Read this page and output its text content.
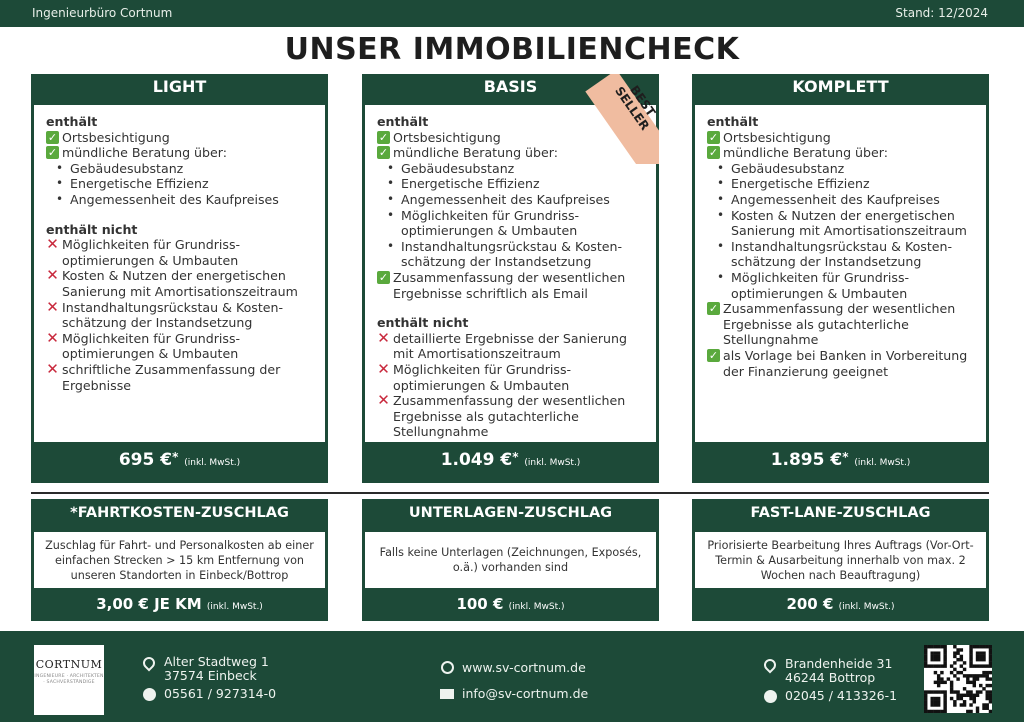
Ingenieurbüro Cortnum	Stand: 12/2024
UNSER IMMOBILIENCHECK
LIGHT
enthält
✓ Ortsbesichtigung
✓ mündliche Beratung über:
• Gebäudesubstanz
• Energetische Effizienz
• Angemessenheit des Kaufpreises
enthält nicht
✕ Möglichkeiten für Grundriss-optimierungen & Umbauten
✕ Kosten & Nutzen der energetischen Sanierung mit Amortisationszeitraum
✕ Instandhaltungsrückstau & Kosten-schätzung der Instandsetzung
✕ Möglichkeiten für Grundriss-optimierungen & Umbauten
✕ schriftliche Zusammenfassung der Ergebnisse
695 €* (inkl. MwSt.)
BASIS
enthält
✓ Ortsbesichtigung
✓ mündliche Beratung über:
• Gebäudesubstanz
• Energetische Effizienz
• Angemessenheit des Kaufpreises
• Möglichkeiten für Grundriss-optimierungen & Umbauten
• Instandhaltungsrückstau & Kosten-schätzung der Instandsetzung
✓ Zusammenfassung der wesentlichen Ergebnisse schriftlich als Email
enthält nicht
✕ detaillierte Ergebnisse der Sanierung mit Amortisationszeitraum
✕ Möglichkeiten für Grundriss-optimierungen & Umbauten
✕ Zusammenfassung der wesentlichen Ergebnisse als gutachterliche Stellungnahme
1.049 €* (inkl. MwSt.)
BEST SELLER	KOMPLETT
enthält
✓ Ortsbesichtigung
✓ mündliche Beratung über:
• Gebäudesubstanz
• Energetische Effizienz
• Angemessenheit des Kaufpreises
• Kosten & Nutzen der energetischen Sanierung mit Amortisationszeitraum
• Instandhaltungsrückstau & Kosten-schätzung der Instandsetzung
• Möglichkeiten für Grundriss-optimierungen & Umbauten
✓ Zusammenfassung der wesentlichen Ergebnisse als gutachterliche Stellungnahme
✓ als Vorlage bei Banken in Vorbereitung der Finanzierung geeignet
1.895 €* (inkl. MwSt.)
*FAHRTKOSTEN-ZUSCHLAG
Zuschlag für Fahrt- und Personalkosten ab einer einfachen Strecken > 15 km Entfernung von unseren Standorten in Einbeck/Bottrop
3,00 € JE KM (inkl. MwSt.)
UNTERLAGEN-ZUSCHLAG
Falls keine Unterlagen (Zeichnungen, Exposés, o.ä.) vorhanden sind
100 € (inkl. MwSt.)
FAST-LANE-ZUSCHLAG
Priorisierte Bearbeitung Ihres Auftrags (Vor-Ort-Termin & Ausarbeitung innerhalb von max. 2 Wochen nach Beauftragung)
200 € (inkl. MwSt.)
CORTNUM
INGENIEURE · ARCHITEKTEN · SACHVERSTÄNDIGE
Alter Stadtweg 1
37574 Einbeck
05561 / 927314-0
www.sv-cortnum.de
info@sv-cortnum.de
Brandenheide 31
46244 Bottrop
02045 / 413326-1
